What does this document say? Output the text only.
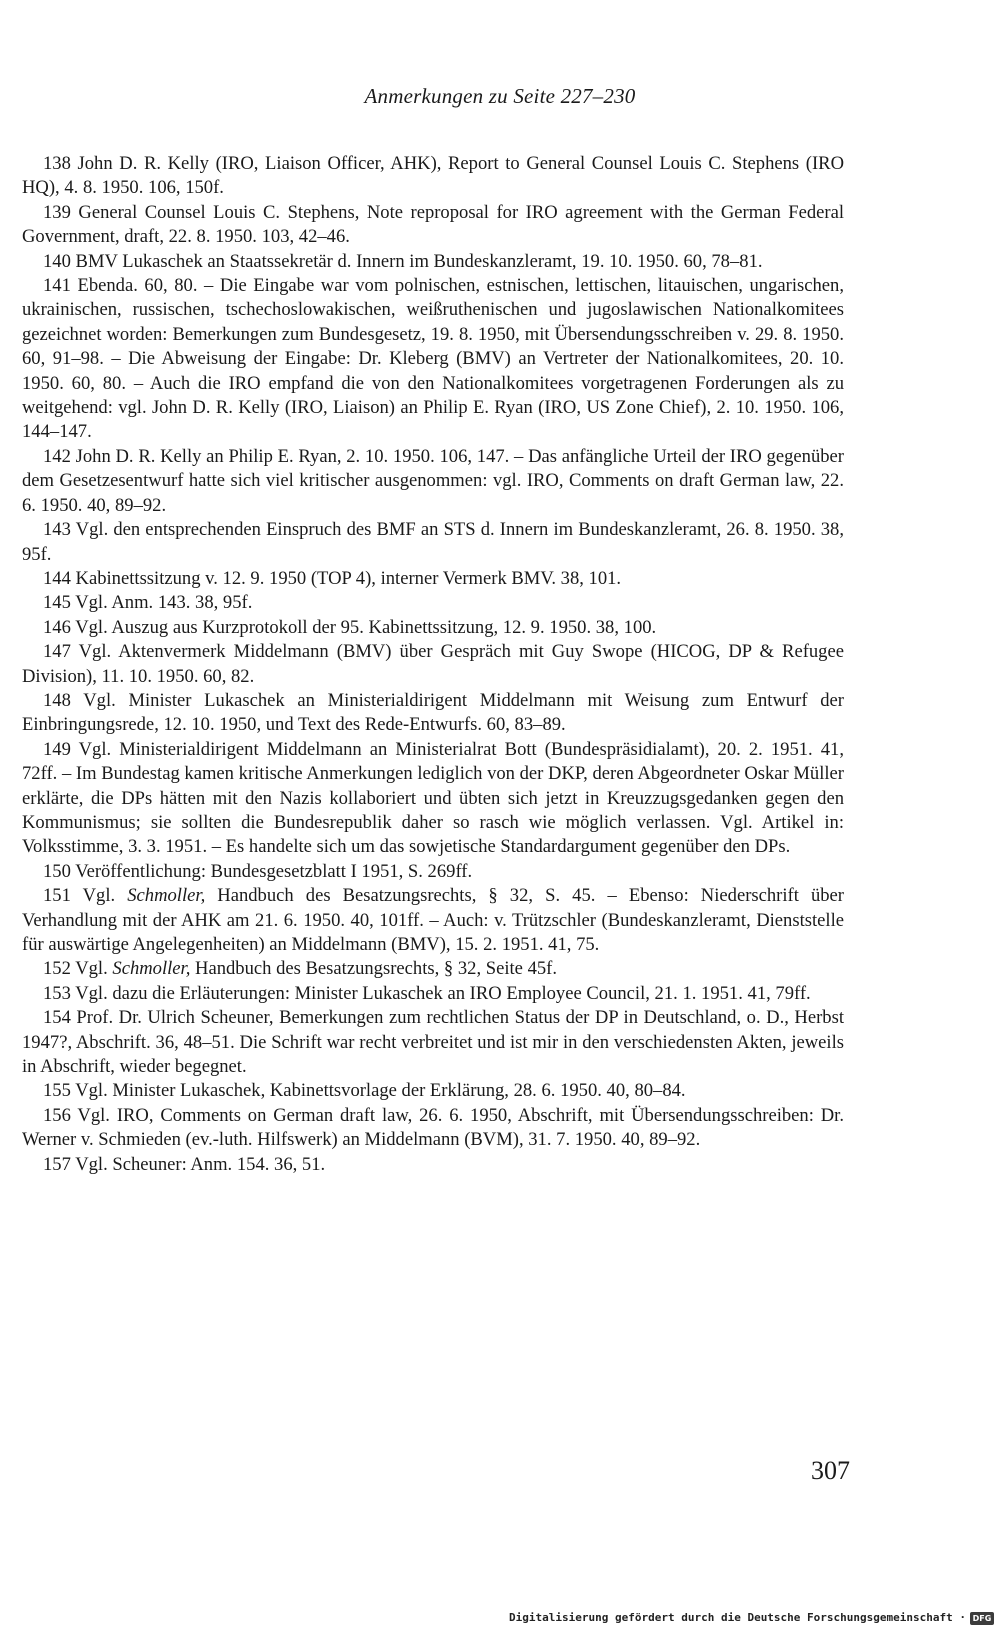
Anmerkungen zu Seite 227–230

138 John D. R. Kelly (IRO, Liaison Officer, AHK), Report to General Counsel Louis C. Stephens (IRO HQ), 4. 8. 1950. 106, 150f.

139 General Counsel Louis C. Stephens, Note reproposal for IRO agreement with the German Federal Government, draft, 22. 8. 1950. 103, 42–46.

140 BMV Lukaschek an Staatssekretär d. Innern im Bundeskanzleramt, 19. 10. 1950. 60, 78–81.

141 Ebenda. 60, 80. – Die Eingabe war vom polnischen, estnischen, lettischen, litauischen, ungarischen, ukrainischen, russischen, tschechoslowakischen, weißruthenischen und jugoslawischen Nationalkomitees gezeichnet worden: Bemerkungen zum Bundesgesetz, 19. 8. 1950, mit Übersendungsschreiben v. 29. 8. 1950. 60, 91–98. – Die Abweisung der Eingabe: Dr. Kleberg (BMV) an Vertreter der Nationalkomitees, 20. 10. 1950. 60, 80. – Auch die IRO empfand die von den Nationalkomitees vorgetragenen Forderungen als zu weitgehend: vgl. John D. R. Kelly (IRO, Liaison) an Philip E. Ryan (IRO, US Zone Chief), 2. 10. 1950. 106, 144–147.

142 John D. R. Kelly an Philip E. Ryan, 2. 10. 1950. 106, 147. – Das anfängliche Urteil der IRO gegenüber dem Gesetzesentwurf hatte sich viel kritischer ausgenommen: vgl. IRO, Comments on draft German law, 22. 6. 1950. 40, 89–92.

143 Vgl. den entsprechenden Einspruch des BMF an STS d. Innern im Bundeskanzleramt, 26. 8. 1950. 38, 95f.

144 Kabinettssitzung v. 12. 9. 1950 (TOP 4), interner Vermerk BMV. 38, 101.

145 Vgl. Anm. 143. 38, 95f.

146 Vgl. Auszug aus Kurzprotokoll der 95. Kabinettssitzung, 12. 9. 1950. 38, 100.

147 Vgl. Aktenvermerk Middelmann (BMV) über Gespräch mit Guy Swope (HICOG, DP & Refugee Division), 11. 10. 1950. 60, 82.

148 Vgl. Minister Lukaschek an Ministerialdirigent Middelmann mit Weisung zum Entwurf der Einbringungsrede, 12. 10. 1950, und Text des Rede-Entwurfs. 60, 83–89.

149 Vgl. Ministerialdirigent Middelmann an Ministerialrat Bott (Bundespräsidialamt), 20. 2. 1951. 41, 72ff. – Im Bundestag kamen kritische Anmerkungen lediglich von der DKP, deren Abgeordneter Oskar Müller erklärte, die DPs hätten mit den Nazis kollaboriert und übten sich jetzt in Kreuzzugsgedanken gegen den Kommunismus; sie sollten die Bundesrepublik daher so rasch wie möglich verlassen. Vgl. Artikel in: Volksstimme, 3. 3. 1951. – Es handelte sich um das sowjetische Standardargument gegenüber den DPs.

150 Veröffentlichung: Bundesgesetzblatt I 1951, S. 269ff.

151 Vgl. Schmoller, Handbuch des Besatzungsrechts, § 32, S. 45. – Ebenso: Niederschrift über Verhandlung mit der AHK am 21. 6. 1950. 40, 101ff. – Auch: v. Trützschler (Bundeskanzleramt, Dienststelle für auswärtige Angelegenheiten) an Middelmann (BMV), 15. 2. 1951. 41, 75.

152 Vgl. Schmoller, Handbuch des Besatzungsrechts, § 32, Seite 45f.

153 Vgl. dazu die Erläuterungen: Minister Lukaschek an IRO Employee Council, 21. 1. 1951. 41, 79ff.

154 Prof. Dr. Ulrich Scheuner, Bemerkungen zum rechtlichen Status der DP in Deutschland, o. D., Herbst 1947?, Abschrift. 36, 48–51. Die Schrift war recht verbreitet und ist mir in den verschiedensten Akten, jeweils in Abschrift, wieder begegnet.

155 Vgl. Minister Lukaschek, Kabinettsvorlage der Erklärung, 28. 6. 1950. 40, 80–84.

156 Vgl. IRO, Comments on German draft law, 26. 6. 1950, Abschrift, mit Übersendungsschreiben: Dr. Werner v. Schmieden (ev.-luth. Hilfswerk) an Middelmann (BVM), 31. 7. 1950. 40, 89–92.

157 Vgl. Scheuner: Anm. 154. 36, 51.

307
Digitalisierung gefördert durch die Deutsche Forschungsgemeinschaft · DFG
